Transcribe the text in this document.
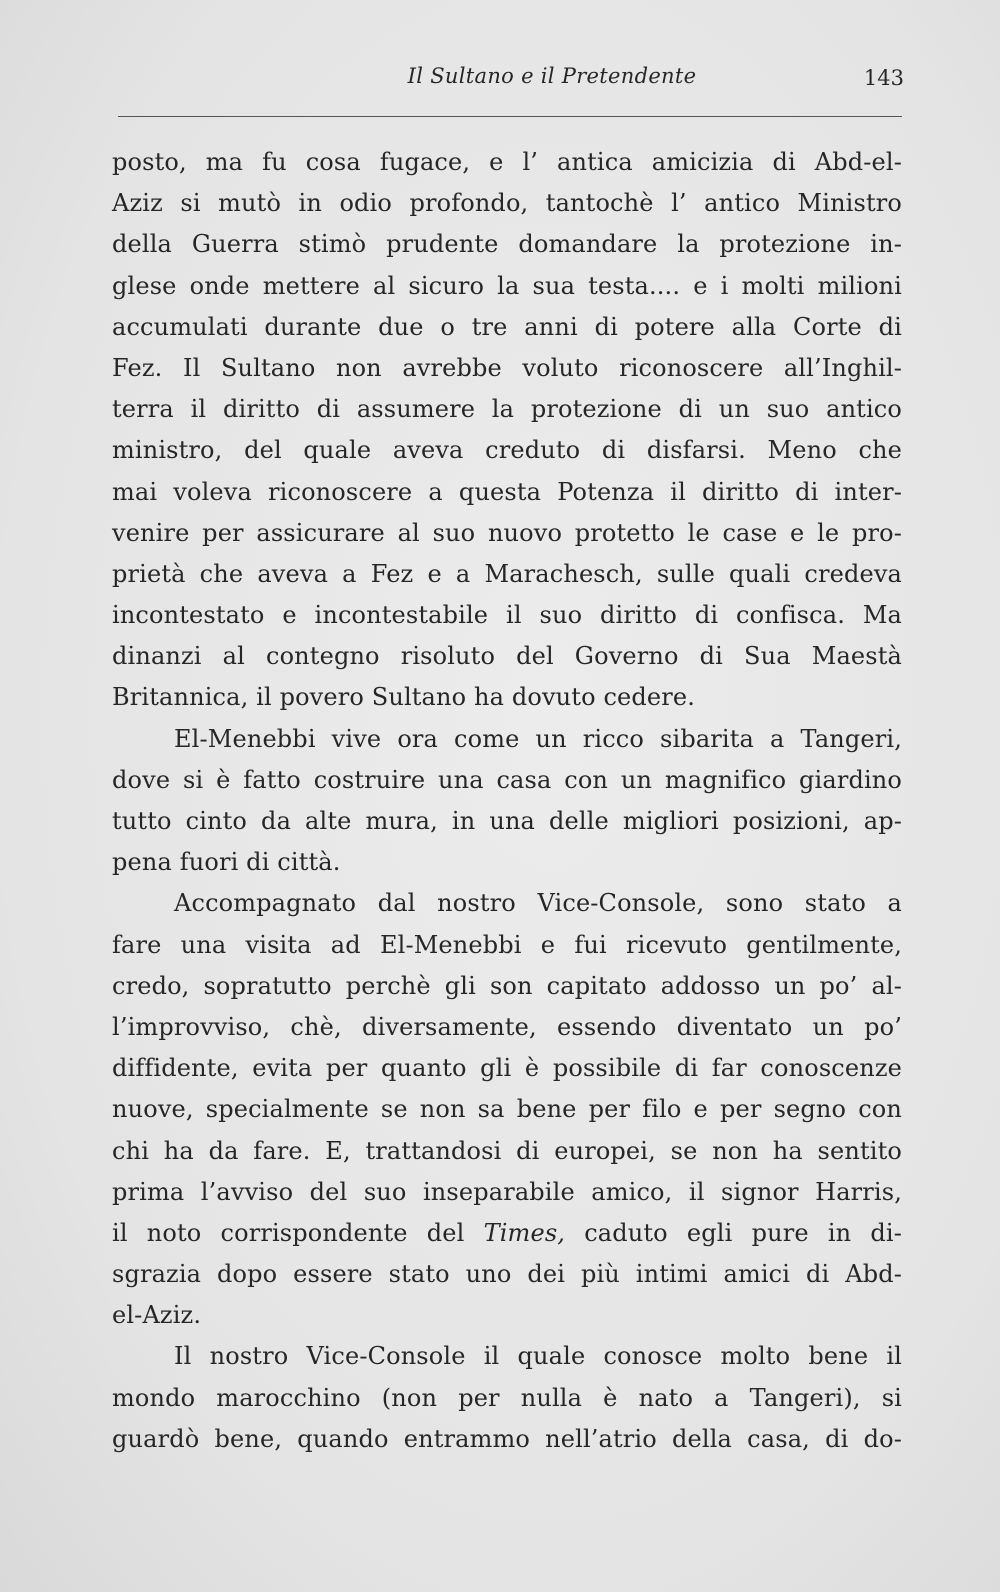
Il Sultano e il Pretendente	143
posto, ma fu cosa fugace, e l’ antica amicizia di Abd-el-
Aziz si mutò in odio profondo, tantochè l’ antico Ministro
della Guerra stimò prudente domandare la protezione in-
glese onde mettere al sicuro la sua testa.... e i molti milioni
accumulati durante due o tre anni di potere alla Corte di
Fez. Il Sultano non avrebbe voluto riconoscere all’Inghil-
terra il diritto di assumere la protezione di un suo antico
ministro, del quale aveva creduto di disfarsi. Meno che
mai voleva riconoscere a questa Potenza il diritto di inter-
venire per assicurare al suo nuovo protetto le case e le pro-
prietà che aveva a Fez e a Marachesch, sulle quali credeva
incontestato e incontestabile il suo diritto di confisca. Ma
dinanzi al contegno risoluto del Governo di Sua Maestà
Britannica, il povero Sultano ha dovuto cedere.
El-Menebbi vive ora come un ricco sibarita a Tangeri,
dove si è fatto costruire una casa con un magnifico giardino
tutto cinto da alte mura, in una delle migliori posizioni, ap-
pena fuori di città.
Accompagnato dal nostro Vice-Console, sono stato a
fare una visita ad El-Menebbi e fui ricevuto gentilmente,
credo, sopratutto perchè gli son capitato addosso un po’ al-
l’improvviso, chè, diversamente, essendo diventato un po’
diffidente, evita per quanto gli è possibile di far conoscenze
nuove, specialmente se non sa bene per filo e per segno con
chi ha da fare. E, trattandosi di europei, se non ha sentito
prima l’avviso del suo inseparabile amico, il signor Harris,
il noto corrispondente del Times, caduto egli pure in di-
sgrazia dopo essere stato uno dei più intimi amici di Abd-
el-Aziz.
Il nostro Vice-Console il quale conosce molto bene il
mondo marocchino (non per nulla è nato a Tangeri), si
guardò bene, quando entrammo nell’atrio della casa, di do-
